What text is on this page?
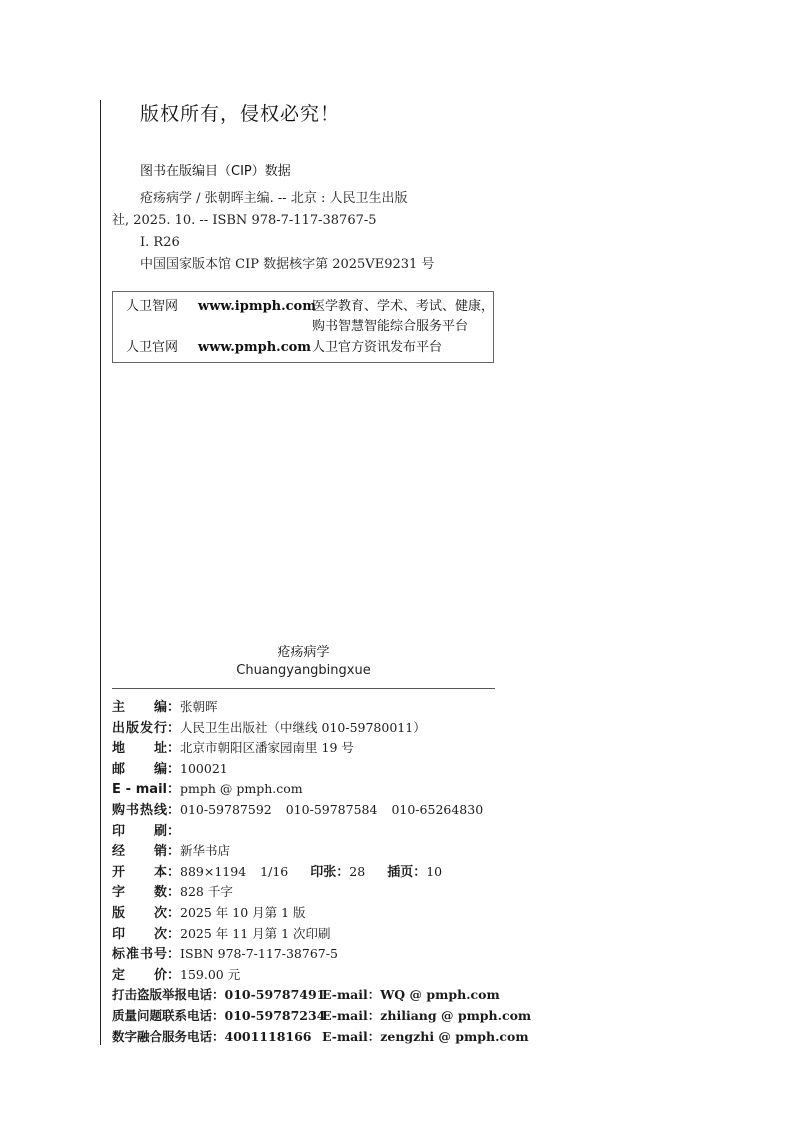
版权所有，侵权必究！
图书在版编目（CIP）数据
疮疡病学 / 张朝晖主编. -- 北京 : 人民卫生出版
社, 2025. 10. -- ISBN 978-7-117-38767-5
Ⅰ. R26
中国国家版本馆 CIP 数据核字第 2025VE9231 号
人卫智网 www.ipmph.com
医学教育、学术、考试、健康，
购书智慧智能综合服务平台
人卫官网 www.pmph.com 人卫官方资讯发布平台
疮疡病学
Chuangyangbingxue
主编：张朝晖
出版发行：人民卫生出版社（中继线 010-59780011）
地址：北京市朝阳区潘家园南里 19 号
邮编：100021
E - mail：pmph @ pmph.com
购书热线：010-59787592 010-59787584 010-65264830
印刷：
经销：新华书店
开本：889×1194 1/16 印张：28 插页：10
字数：828 千字
版次：2025 年 10 月第 1 版
印次：2025 年 11 月第 1 次印刷
标准书号：ISBN 978-7-117-38767-5
定价：159.00 元
打击盗版举报电话：010-59787491
E-mail：WQ @ pmph.com
质量问题联系电话：010-59787234
E-mail：zhiliang @ pmph.com
数字融合服务电话：4001118166 E-mail：zengzhi @ pmph.com
